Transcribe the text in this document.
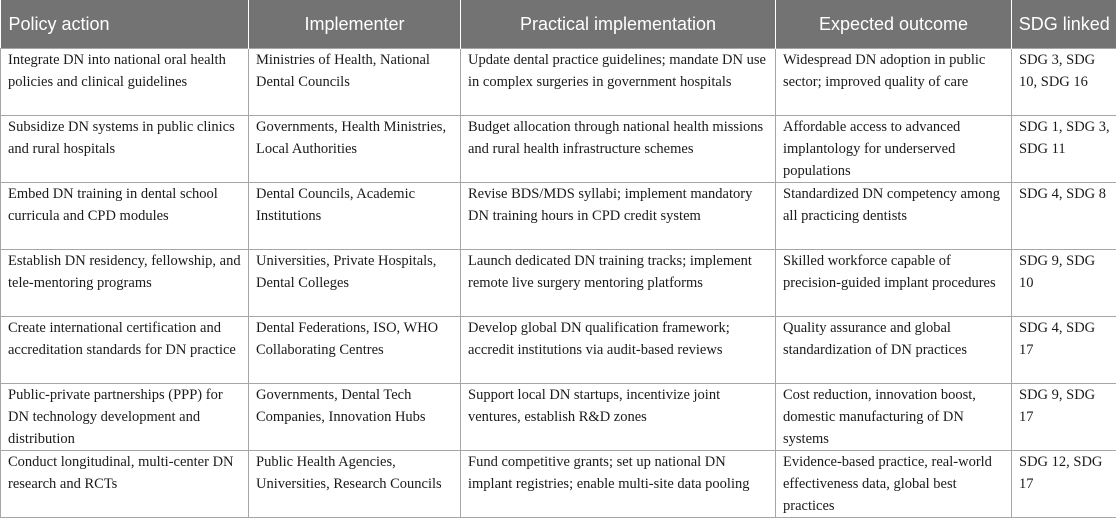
Policy action	Implementer	Practical implementation	Expected outcome	SDG linked
Integrate DN into national oral health policies and clinical guidelines	Ministries of Health, National Dental Councils	Update dental practice guidelines; mandate DN use in complex surgeries in government hospitals	Widespread DN adoption in public sector; improved quality of care	SDG 3, SDG 10, SDG 16
Subsidize DN systems in public clinics and rural hospitals	Governments, Health Ministries, Local Authorities	Budget allocation through national health missions and rural health infrastructure schemes	Affordable access to advanced implantology for underserved populations	SDG 1, SDG 3, SDG 11
Embed DN training in dental school curricula and CPD modules	Dental Councils, Academic Institutions	Revise BDS/MDS syllabi; implement mandatory DN training hours in CPD credit system	Standardized DN competency among all practicing dentists	SDG 4, SDG 8
Establish DN residency, fellowship, and tele-mentoring programs	Universities, Private Hospitals, Dental Colleges	Launch dedicated DN training tracks; implement remote live surgery mentoring platforms	Skilled workforce capable of precision-guided implant procedures	SDG 9, SDG 10
Create international certification and accreditation standards for DN practice	Dental Federations, ISO, WHO Collaborating Centres	Develop global DN qualification framework; accredit institutions via audit-based reviews	Quality assurance and global standardization of DN practices	SDG 4, SDG 17
Public-private partnerships (PPP) for DN technology development and distribution	Governments, Dental Tech Companies, Innovation Hubs	Support local DN startups, incentivize joint ventures, establish R&D zones	Cost reduction, innovation boost, domestic manufacturing of DN systems	SDG 9, SDG 17
Conduct longitudinal, multi-center DN research and RCTs	Public Health Agencies, Universities, Research Councils	Fund competitive grants; set up national DN implant registries; enable multi-site data pooling	Evidence-based practice, real-world effectiveness data, global best practices	SDG 12, SDG 17
